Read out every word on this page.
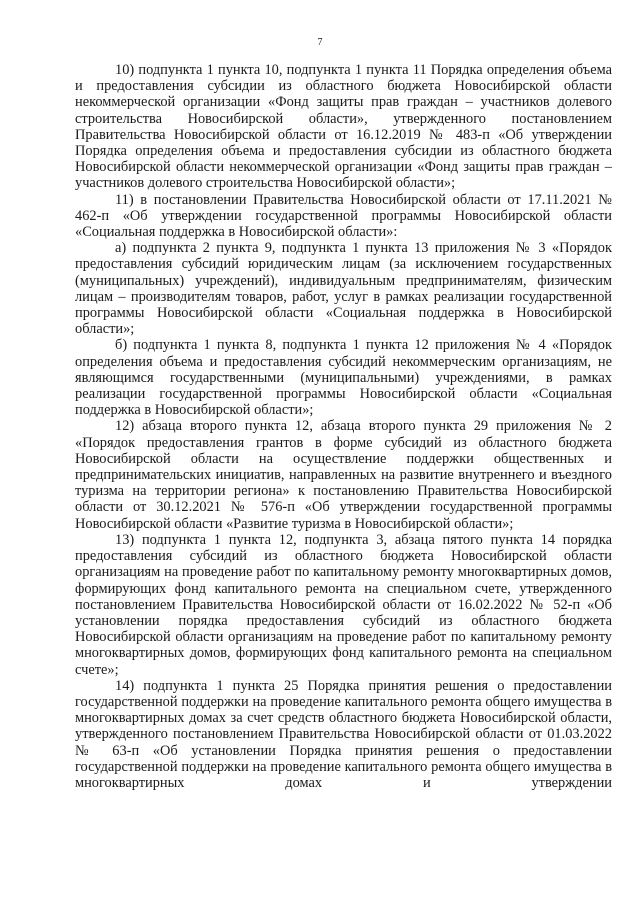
7

10) подпункта 1 пункта 10, подпункта 1 пункта 11 Порядка определения объема и предоставления субсидии из областного бюджета Новосибирской области некоммерческой организации «Фонд защиты прав граждан – участников долевого строительства Новосибирской области», утвержденного постановлением Правительства Новосибирской области от 16.12.2019 № 483-п «Об утверждении Порядка определения объема и предоставления субсидии из областного бюджета Новосибирской области некоммерческой организации «Фонд защиты прав граждан – участников долевого строительства Новосибирской области»;

11) в постановлении Правительства Новосибирской области от 17.11.2021 № 462-п «Об утверждении государственной программы Новосибирской области «Социальная поддержка в Новосибирской области»:

а) подпункта 2 пункта 9, подпункта 1 пункта 13 приложения № 3 «Порядок предоставления субсидий юридическим лицам (за исключением государственных (муниципальных) учреждений), индивидуальным предпринимателям, физическим лицам – производителям товаров, работ, услуг в рамках реализации государственной программы Новосибирской области «Социальная поддержка в Новосибирской области»;

б) подпункта 1 пункта 8, подпункта 1 пункта 12 приложения № 4 «Порядок определения объема и предоставления субсидий некоммерческим организациям, не являющимся государственными (муниципальными) учреждениями, в рамках реализации государственной программы Новосибирской области «Социальная поддержка в Новосибирской области»;

12) абзаца второго пункта 12, абзаца второго пункта 29 приложения № 2 «Порядок предоставления грантов в форме субсидий из областного бюджета Новосибирской области на осуществление поддержки общественных и предпринимательских инициатив, направленных на развитие внутреннего и въездного туризма на территории региона» к постановлению Правительства Новосибирской области от 30.12.2021 № 576-п «Об утверждении государственной программы Новосибирской области «Развитие туризма в Новосибирской области»;

13) подпункта 1 пункта 12, подпункта 3, абзаца пятого пункта 14 порядка предоставления субсидий из областного бюджета Новосибирской области организациям на проведение работ по капитальному ремонту многоквартирных домов, формирующих фонд капитального ремонта на специальном счете, утвержденного постановлением Правительства Новосибирской области от 16.02.2022 № 52-п «Об установлении порядка предоставления субсидий из областного бюджета Новосибирской области организациям на проведение работ по капитальному ремонту многоквартирных домов, формирующих фонд капитального ремонта на специальном счете»;

14) подпункта 1 пункта 25 Порядка принятия решения о предоставлении государственной поддержки на проведение капитального ремонта общего имущества в многоквартирных домах за счет средств областного бюджета Новосибирской области, утвержденного постановлением Правительства Новосибирской области от 01.03.2022 № 63-п «Об установлении Порядка принятия решения о предоставлении государственной поддержки на проведение капитального ремонта общего имущества в многоквартирных домах и утверждении
